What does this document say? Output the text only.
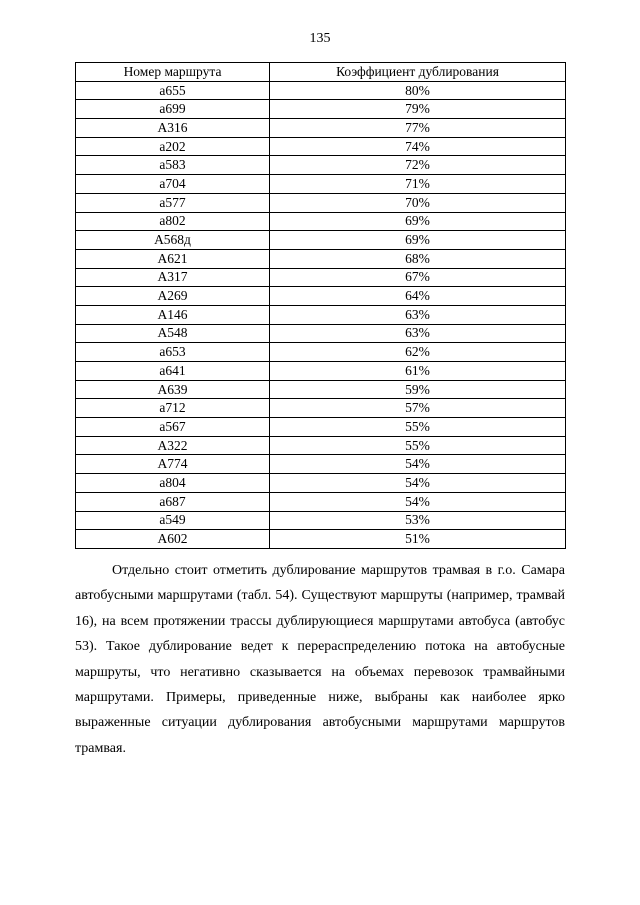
135
Номер маршрута	Коэффициент дублирования
а655	80%
а699	79%
А316	77%
а202	74%
а583	72%
а704	71%
а577	70%
а802	69%
А568д	69%
А621	68%
А317	67%
А269	64%
А146	63%
А548	63%
а653	62%
а641	61%
А639	59%
а712	57%
а567	55%
А322	55%
А774	54%
а804	54%
а687	54%
а549	53%
А602	51%

Отдельно стоит отметить дублирование маршрутов трамвая в г.о. Самара автобусными маршрутами (табл. 54). Существуют маршруты (например, трамвай 16), на всем протяжении трассы дублирующиеся маршрутами автобуса (автобус 53). Такое дублирование ведет к перераспределению потока на автобусные маршруты, что негативно сказывается на объемах перевозок трамвайными маршрутами. Примеры, приведенные ниже, выбраны как наиболее ярко выраженные ситуации дублирования автобусными маршрутами маршрутов трамвая.
